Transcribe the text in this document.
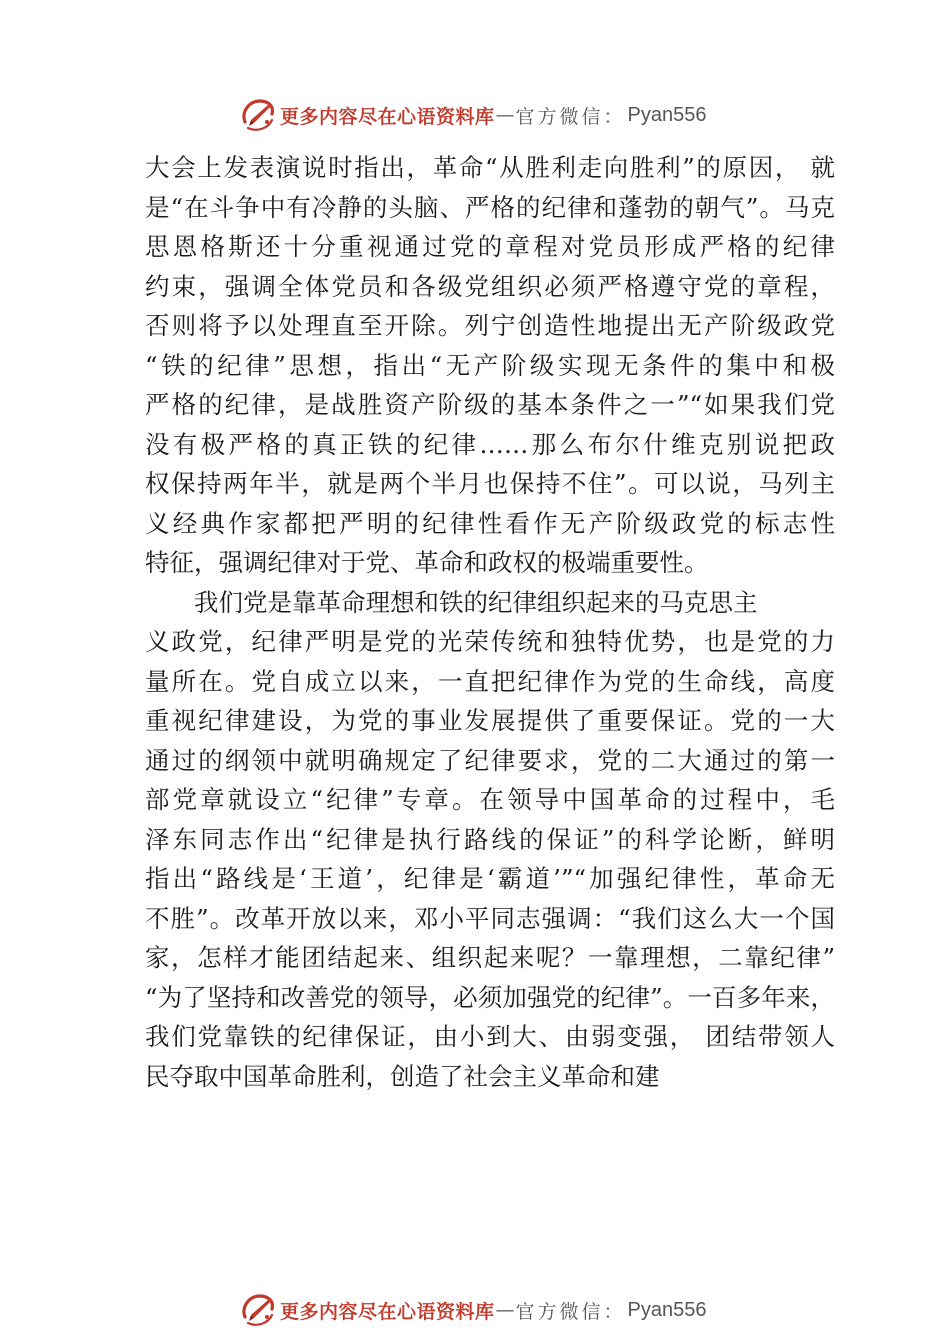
更多内容尽在心语资料库 — 官方微信： Pyan556
大会上发表演说时指出，革命“从胜利走向胜利”的原因， 就
是“在斗争中有冷静的头脑、严格的纪律和蓬勃的朝气”。马克
思恩格斯还十分重视通过党的章程对党员形成严格的纪律
约束，强调全体党员和各级党组织必须严格遵守党的章程，
否则将予以处理直至开除。列宁创造性地提出无产阶级政党
“铁的纪律”思想，指出“无产阶级实现无条件的集中和极
严格的纪律，是战胜资产阶级的基本条件之一”“如果我们党
没有极严格的真正铁的纪律……那么布尔什维克别说把政
权保持两年半，就是两个半月也保持不住”。可以说，马列主
义经典作家都把严明的纪律性看作无产阶级政党的标志性
特征，强调纪律对于党、革命和政权的极端重要性。
我们党是靠革命理想和铁的纪律组织起来的马克思主
义政党，纪律严明是党的光荣传统和独特优势，也是党的力
量所在。党自成立以来，一直把纪律作为党的生命线，高度
重视纪律建设，为党的事业发展提供了重要保证。党的一大
通过的纲领中就明确规定了纪律要求，党的二大通过的第一
部党章就设立“纪律”专章。在领导中国革命的过程中，毛
泽东同志作出“纪律是执行路线的保证”的科学论断，鲜明
指出“路线是‘王道’，纪律是‘霸道’”“加强纪律性，革命无
不胜”。改革开放以来，邓小平同志强调：“我们这么大一个国
家，怎样才能团结起来、组织起来呢？一靠理想，二靠纪律”
“为了坚持和改善党的领导，必须加强党的纪律”。一百多年来，
我们党靠铁的纪律保证，由小到大、由弱变强， 团结带领人
民夺取中国革命胜利，创造了社会主义革命和建
更多内容尽在心语资料库 — 官方微信： Pyan556
